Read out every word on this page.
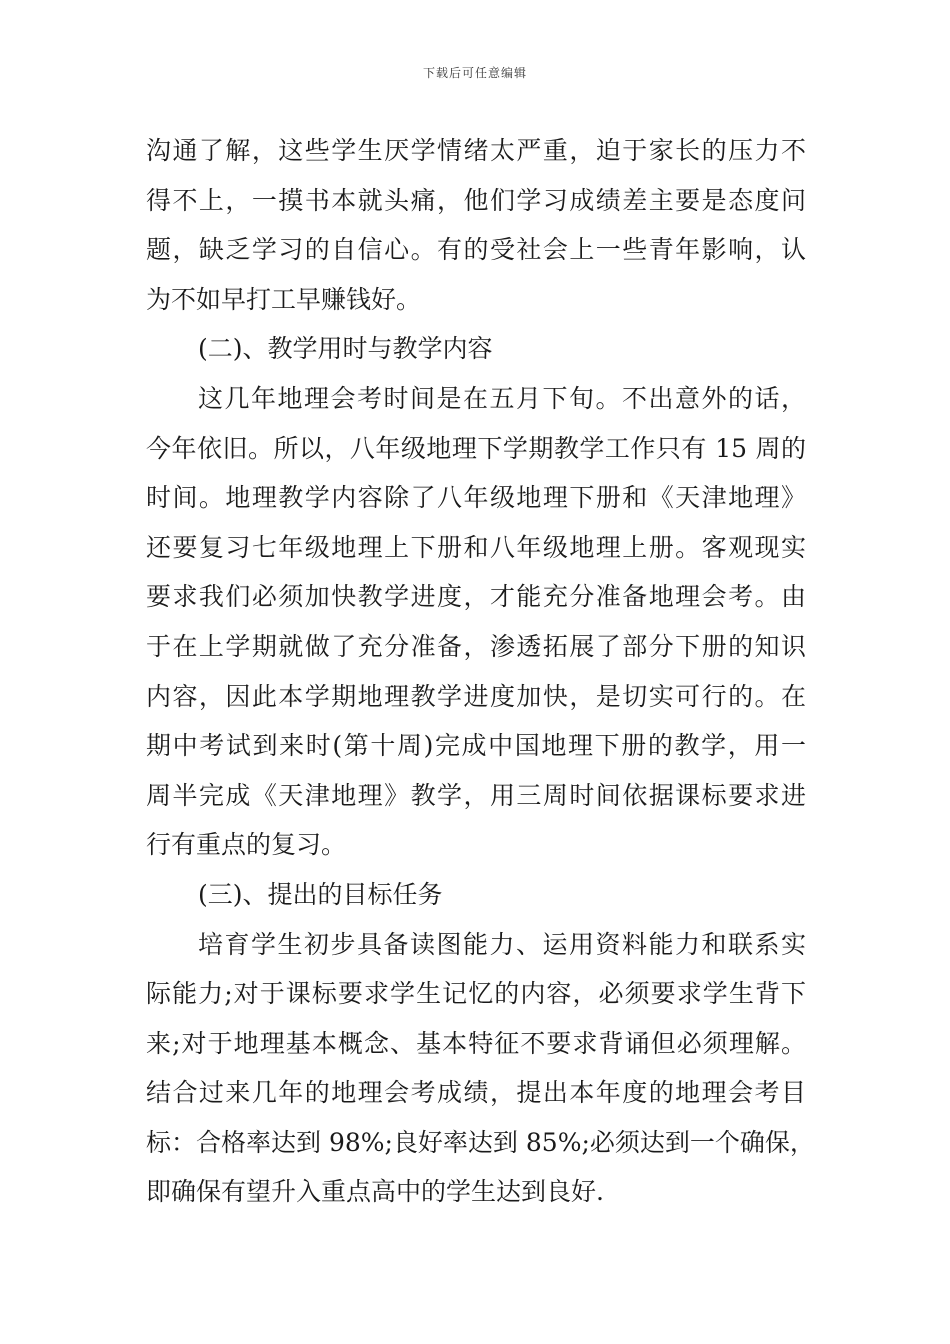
下载后可任意编辑
沟通了解，这些学生厌学情绪太严重，迫于家长的压力不
得不上，一摸书本就头痛，他们学习成绩差主要是态度问
题，缺乏学习的自信心。有的受社会上一些青年影响，认
为不如早打工早赚钱好。
(二)、教学用时与教学内容
这几年地理会考时间是在五月下旬。不出意外的话，
今年依旧。所以，八年级地理下学期教学工作只有 15 周的
时间。地理教学内容除了八年级地理下册和《天津地理》
还要复习七年级地理上下册和八年级地理上册。客观现实
要求我们必须加快教学进度，才能充分准备地理会考。由
于在上学期就做了充分准备，渗透拓展了部分下册的知识
内容，因此本学期地理教学进度加快，是切实可行的。在
期中考试到来时(第十周)完成中国地理下册的教学，用一
周半完成《天津地理》教学，用三周时间依据课标要求进
行有重点的复习。
(三)、提出的目标任务
培育学生初步具备读图能力、运用资料能力和联系实
际能力;对于课标要求学生记忆的内容，必须要求学生背下
来;对于地理基本概念、基本特征不要求背诵但必须理解。
结合过来几年的地理会考成绩，提出本年度的地理会考目
标：合格率达到 98%;良好率达到 85%;必须达到一个确保，
即确保有望升入重点高中的学生达到良好.
